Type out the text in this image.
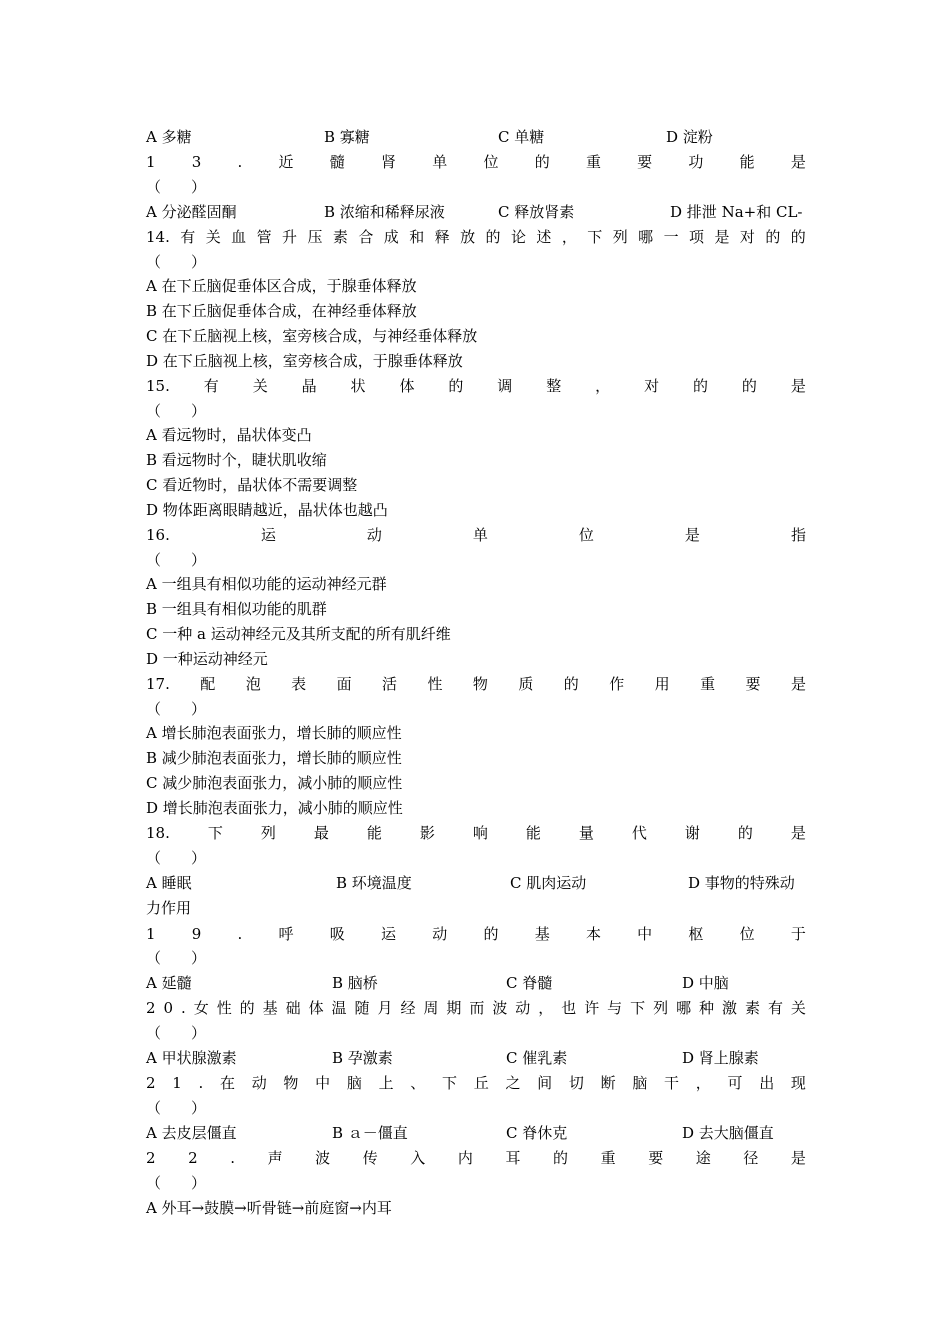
A 多糖	B 寡糖	C 单糖	D 淀粉
1 3 . 近 髓 肾 单 位 的 重 要 功 能 是
（　　）
A 分泌醛固酮	B 浓缩和稀释尿液	C 释放肾素	D 排泄 Na+和 CL-
14. 有 关 血 管 升 压 素 合 成 和 释 放 的 论 述 ， 下 列 哪 一 项 是 对 的 的
（　　）
A 在下丘脑促垂体区合成，于腺垂体释放
B 在下丘脑促垂体合成，在神经垂体释放
C 在下丘脑视上核，室旁核合成，与神经垂体释放
D 在下丘脑视上核，室旁核合成，于腺垂体释放
15. 有 关 晶 状 体 的 调 整 ， 对 的 的 是
（　　）
A 看远物时，晶状体变凸
B 看远物时个，睫状肌收缩
C 看近物时，晶状体不需要调整
D 物体距离眼睛越近，晶状体也越凸
16.	运	动	单	位	是	指
（　　）
A 一组具有相似功能的运动神经元群
B 一组具有相似功能的肌群
C 一种 a 运动神经元及其所支配的所有肌纤维
D 一种运动神经元
17. 配 泡 表 面 活 性 物 质 的 作 用 重 要 是
（　　）
A 增长肺泡表面张力，增长肺的顺应性
B 减少肺泡表面张力，增长肺的顺应性
C 减少肺泡表面张力，减小肺的顺应性
D 增长肺泡表面张力，减小肺的顺应性
18.	下	列	最	能	影	响	能	量	代	谢	的	是
（　　）
A 睡眠	B 环境温度	C 肌肉运动	D 事物的特殊动
力作用
1 9 . 呼 吸 运 动 的 基 本 中 枢 位 于
（　　）
A 延髓	B 脑桥	C 脊髓	D 中脑
2 0 . 女 性 的 基 础 体 温 随 月 经 周 期 而 波 动 ， 也 许 与 下 列 哪 种 激 素 有 关
（　　）
A 甲状腺激素	B 孕激素	C 催乳素	D 肾上腺素
2 1 . 在 动 物 中 脑 上 、 下 丘 之 间 切 断 脑 干 ， 可 出 现
（　　）
A 去皮层僵直	B ａ－僵直	C 脊休克	D 去大脑僵直
2 2 . 声 波 传 入 内 耳 的 重 要 途 径 是
（　　）
A 外耳→鼓膜→听骨链→前庭窗→内耳
